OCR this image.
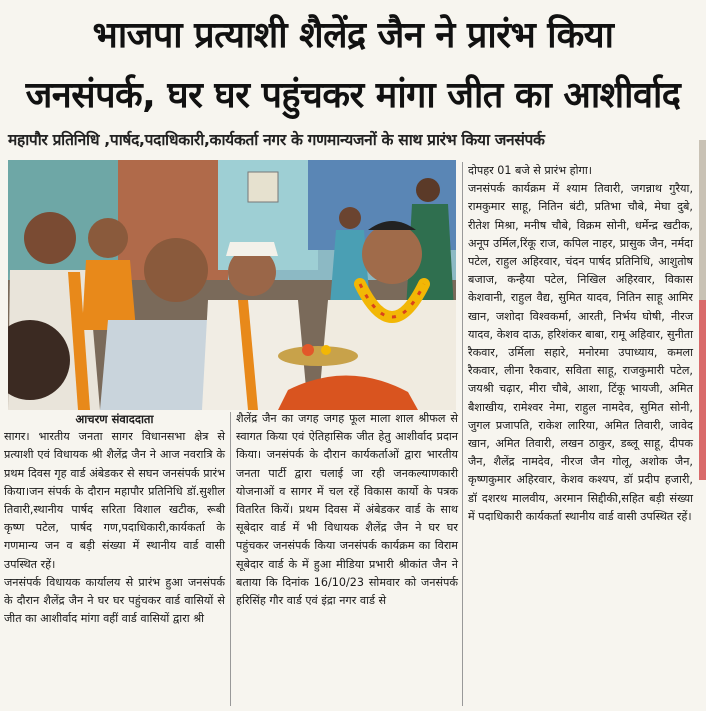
भाजपा प्रत्याशी शैलेंद्र जैन ने प्रारंभ किया
जनसंपर्क, घर घर पहुंचकर मांगा जीत का आशीर्वाद
महापौर प्रतिनिधि ,पार्षद,पदाधिकारी,कार्यकर्ता नगर के गणमान्यजनों के साथ प्रारंभ किया जनसंपर्क

आचरण संवाददाता

सागर। भारतीय जनता सागर विधानसभा क्षेत्र से प्रत्याशी एवं विधायक श्री शैलेंद्र जैन ने आज नवरात्रि के प्रथम दिवस गृह वार्ड अंबेडकर से सघन जनसंपर्क प्रारंभ किया।जन संपर्क के दौरान महापौर प्रतिनिधि डॉ.सुशील तिवारी,स्थानीय पार्षद सरिता विशाल खटीक, रूबी कृष्ण पटेल, पार्षद गण,पदाधिकारी,कार्यकर्ता के गणमान्य जन व बड़ी संख्या में स्थानीय वार्ड वासी उपस्थित रहें।

जनसंपर्क विधायक कार्यालय से प्रारंभ हुआ जनसंपर्क के दौरान शैलेंद्र जैन ने घर घर पहुंचकर वार्ड वासियों से जीत का आशीर्वाद मांगा वहीं वार्ड वासियों द्वारा श्री

शैलेंद्र जैन का जगह जगह फूल माला शाल श्रीफल से स्वागत किया एवं ऐतिहासिक जीत हेतु आशीर्वाद प्रदान किया। जनसंपर्क के दौरान कार्यकर्ताओं द्वारा भारतीय जनता पार्टी द्वारा चलाई जा रही जनकल्याणकारी योजनाओं व सागर में चल रहें विकास कार्यो के पत्रक वितरित कियें। प्रथम दिवस में अंबेडकर वार्ड के साथ सूबेदार वार्ड में भी विधायक शैलेंद्र जैन ने घर घर पहुंचकर जनसंपर्क किया जनसंपर्क कार्यक्रम का विराम सूबेदार वार्ड के में हुआ मीडिया प्रभारी श्रीकांत जैन ने बताया कि दिनांक 16/10/23 सोमवार को जनसंपर्क हरिसिंह गौर वार्ड एवं इंद्रा नगर वार्ड से

दोपहर 01 बजे से प्रारंभ होगा।

जनसंपर्क कार्यक्रम में श्याम तिवारी, जगन्नाथ गुरैया, रामकुमार साहू, नितिन बंटी, प्रतिभा चौबे, मेघा दुबे, रीतेश मिश्रा, मनीष चौबे, विक्रम सोनी, धर्मेन्द्र खटीक, अनूप उर्मिल,रिंकू राज, कपिल नाहर, प्रासुक जैन, नर्मदा पटेल, राहुल अहिरवार, चंदन पार्षद प्रतिनिधि, आशुतोष बजाज, कन्हैया पटेल, निखिल अहिरवार, विकास केशवानी, राहुल वैद्य, सुमित यादव, नितिन साहू आमिर खान, जशोदा विश्वकर्मा, आरती, निर्भय घोषी, नीरज यादव, केशव दाऊ, हरिशंकर बाबा, रामू अहिवार, सुनीता रैकवार, उर्मिला सहारे, मनोरमा उपाध्याय, कमला रैकवार, लीना रैकवार, सविता साहू, राजकुमारी पटेल, जयश्री चढ़ार, मीरा चौबे, आशा, टिंकू भायजी, अमित बैशाखीय, रामेश्वर नेमा, राहुल नामदेव, सुमित सोनी, जुगल प्रजापति, राकेश लारिया, अमित तिवारी, जावेद खान, अमित तिवारी, लखन ठाकुर, डब्लू साहू, दीपक जैन, शैलेंद्र नामदेव, नीरज जैन गोलू, अशोक जैन, कृष्णकुमार अहिरवार, केशव कश्यप, डॉ प्रदीप हजारी, डॉ दशरथ मालवीय, अरमान सिद्दीकी,सहित बड़ी संख्या में पदाधिकारी कार्यकर्ता स्थानीय वार्ड वासी उपस्थित रहें।
